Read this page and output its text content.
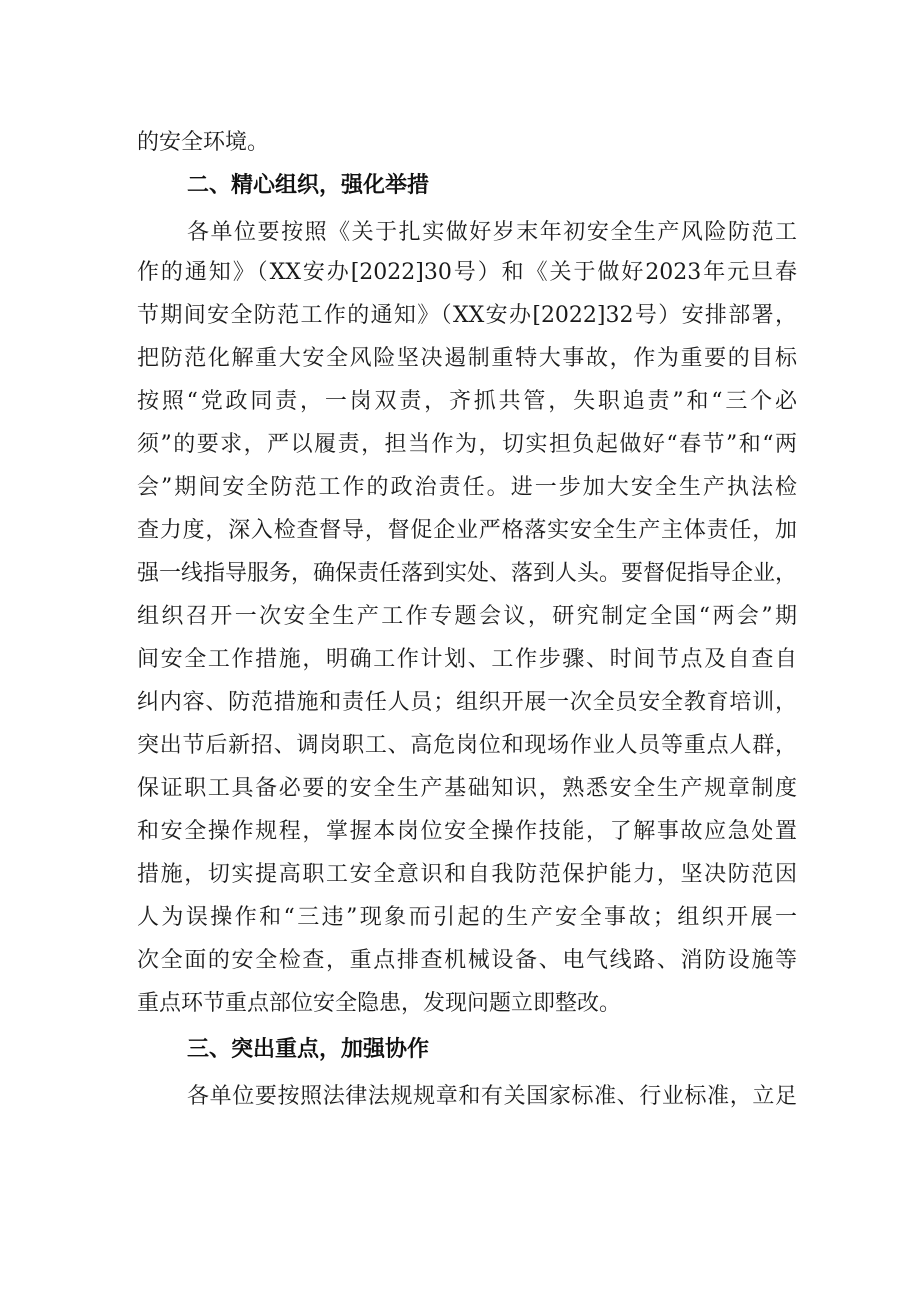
的安全环境。
二、精心组织，强化举措
各单位要按照《关于扎实做好岁末年初安全生产风险防范工
作的通知》（XX安办[2022]30号）和《关于做好2023年元旦春
节期间安全防范工作的通知》（XX安办[2022]32号）安排部署，
把防范化解重大安全风险坚决遏制重特大事故，作为重要的目标
按照“党政同责，一岗双责，齐抓共管，失职追责”和“三个必
须”的要求，严以履责，担当作为，切实担负起做好“春节”和“两
会”期间安全防范工作的政治责任。进一步加大安全生产执法检
查力度，深入检查督导，督促企业严格落实安全生产主体责任，加
强一线指导服务，确保责任落到实处、落到人头。要督促指导企业，
组织召开一次安全生产工作专题会议，研究制定全国“两会”期
间安全工作措施，明确工作计划、工作步骤、时间节点及自查自
纠内容、防范措施和责任人员；组织开展一次全员安全教育培训，
突出节后新招、调岗职工、高危岗位和现场作业人员等重点人群，
保证职工具备必要的安全生产基础知识，熟悉安全生产规章制度
和安全操作规程，掌握本岗位安全操作技能，了解事故应急处置
措施，切实提高职工安全意识和自我防范保护能力，坚决防范因
人为误操作和“三违”现象而引起的生产安全事故；组织开展一
次全面的安全检查，重点排查机械设备、电气线路、消防设施等
重点环节重点部位安全隐患，发现问题立即整改。
三、突出重点，加强协作
各单位要按照法律法规规章和有关国家标准、行业标准，立足
